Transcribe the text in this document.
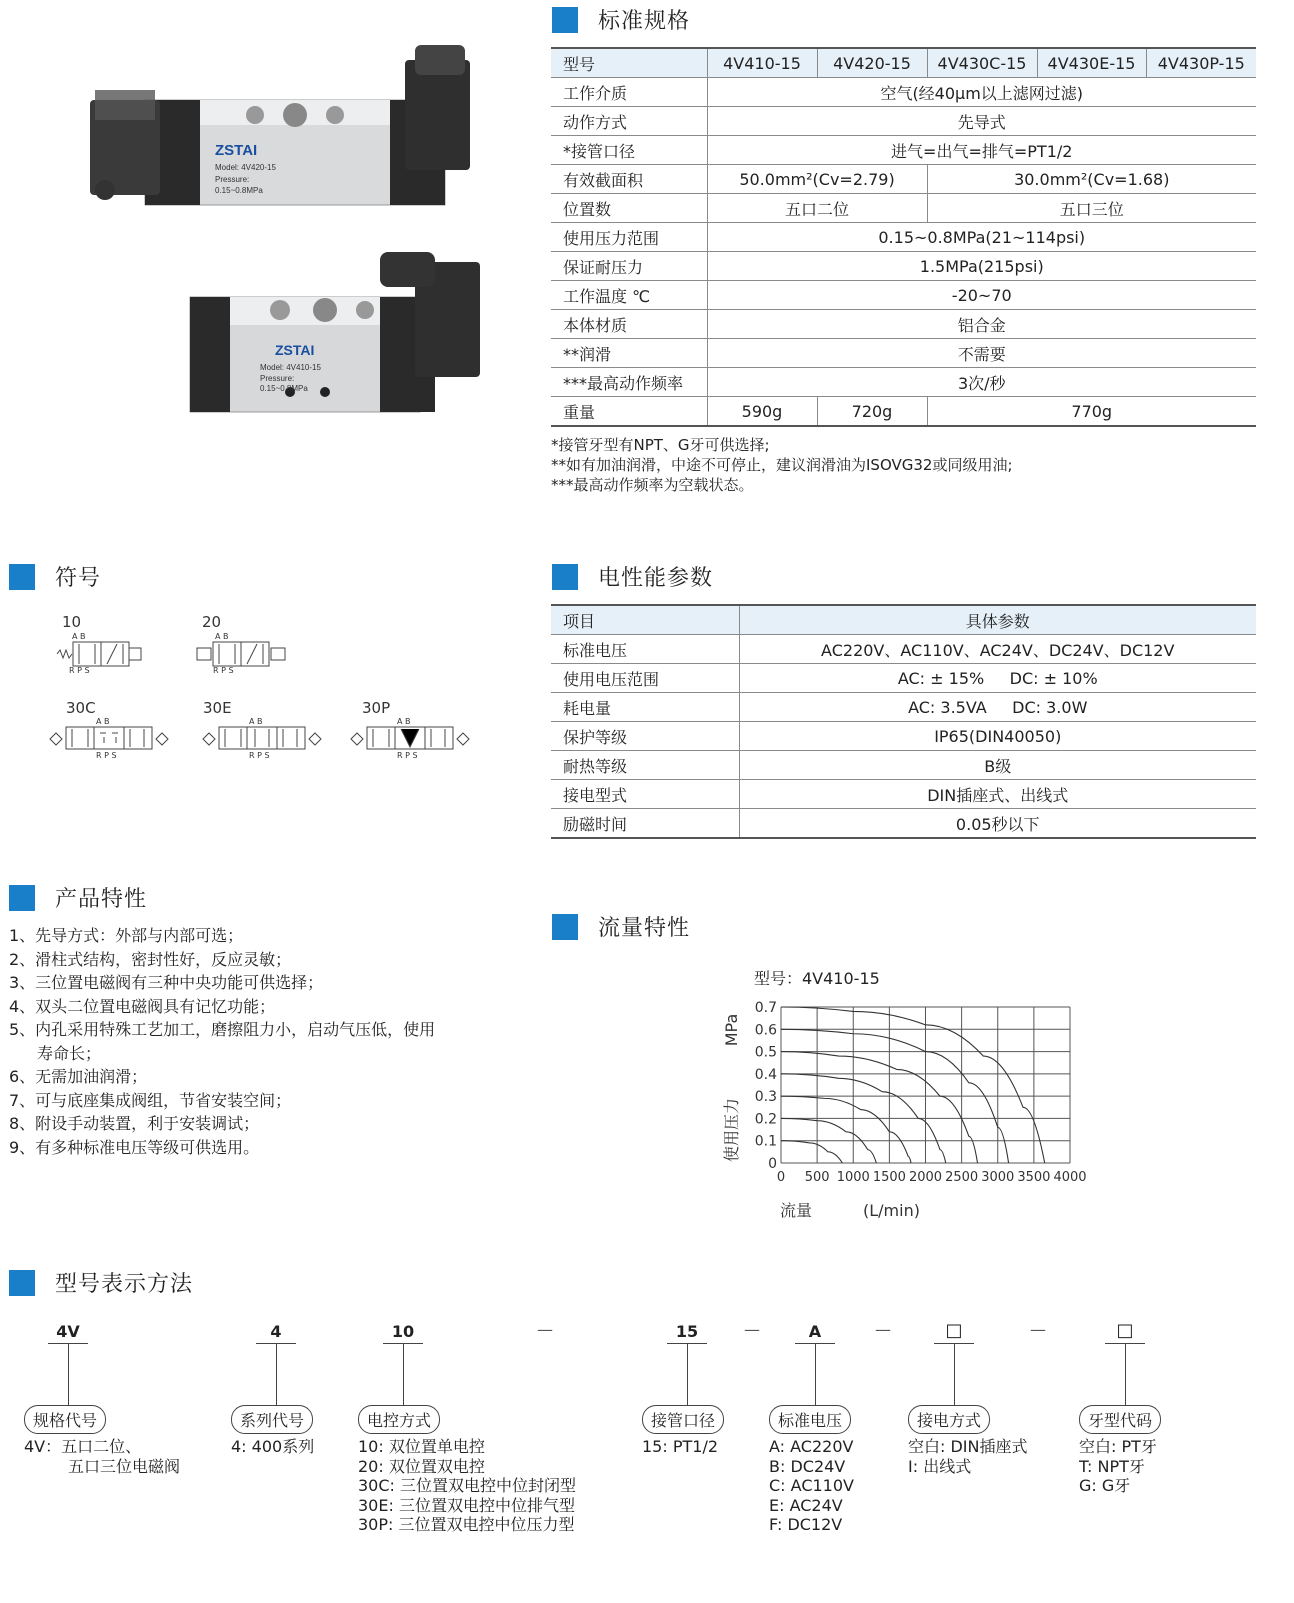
ZSTAI
Model: 4V420-15
Pressure:
0.15~0.8MPa
ZSTAI
Model: 4V410-15
Pressure:
0.15~0.8MPa
标准规格
型号	4V410-15	4V420-15	4V430C-15	4V430E-15	4V430P-15
工作介质	空气(经40μm以上滤网过滤)				
动作方式	先导式				
*接管口径	进气=出气=排气=PT1/2				
有效截面积	50.0mm²(Cv=2.79)		30.0mm²(Cv=1.68)		
位置数	五口二位		五口三位		
使用压力范围	0.15~0.8MPa(21~114psi)				
保证耐压力	1.5MPa(215psi)				
工作温度 ℃	-20~70				
本体材质	铝合金				
**润滑	不需要				
***最高动作频率	3次/秒				
重量	590g	720g	770g		
*接管牙型有NPT、G牙可供选择;
**如有加油润滑，中途不可停止，建议润滑油为ISOVG32或同级用油;
***最高动作频率为空载状态。
符号
10
A B
R P S
20
A B
R P S
30C
A B
R P S
30E
A B
R P S
30P
A B
R P S
电性能参数
项目	具体参数
标准电压	AC220V、AC110V、AC24V、DC24V、DC12V
使用电压范围	AC: ± 15%     DC: ± 10%
耗电量	AC: 3.5VA     DC: 3.0W
保护等级	IP65(DIN40050)
耐热等级	B级
接电型式	DIN插座式、出线式
励磁时间	0.05秒以下
产品特性
1、先导方式：外部与内部可选；
2、滑柱式结构，密封性好，反应灵敏；
3、三位置电磁阀有三种中央功能可供选择；
4、双头二位置电磁阀具有记忆功能；
5、内孔采用特殊工艺加工，磨擦阻力小，启动气压低，使用
寿命长；
6、无需加油润滑；
7、可与底座集成阀组，节省安装空间；
8、附设手动装置，利于安装调试；
9、有多种标准电压等级可供选用。
流量特性
型号：4V410-15
0
0.1
0.2
0.3
0.4
0.5
0.6
0.7
0 500 1000 1500 2000 2500 3000 3500 4000
MPa
使用压力
流量	(L/min)
型号表示方法
4V
规格代号
4V：五口二位、
五口三位电磁阀
4
系列代号
4: 400系列
10
电控方式
10: 双位置单电控
20: 双位置双电控
30C: 三位置双电控中位封闭型
30E: 三位置双电控中位排气型
30P: 三位置双电控中位压力型
—	15
接管口径
15: PT1/2
—	A
标准电压
A: AC220V
B: DC24V
C: AC110V
E: AC24V
F: DC12V
—	□
接电方式
空白: DIN插座式
I: 出线式
—	□
牙型代码
空白: PT牙
T: NPT牙
G: G牙
